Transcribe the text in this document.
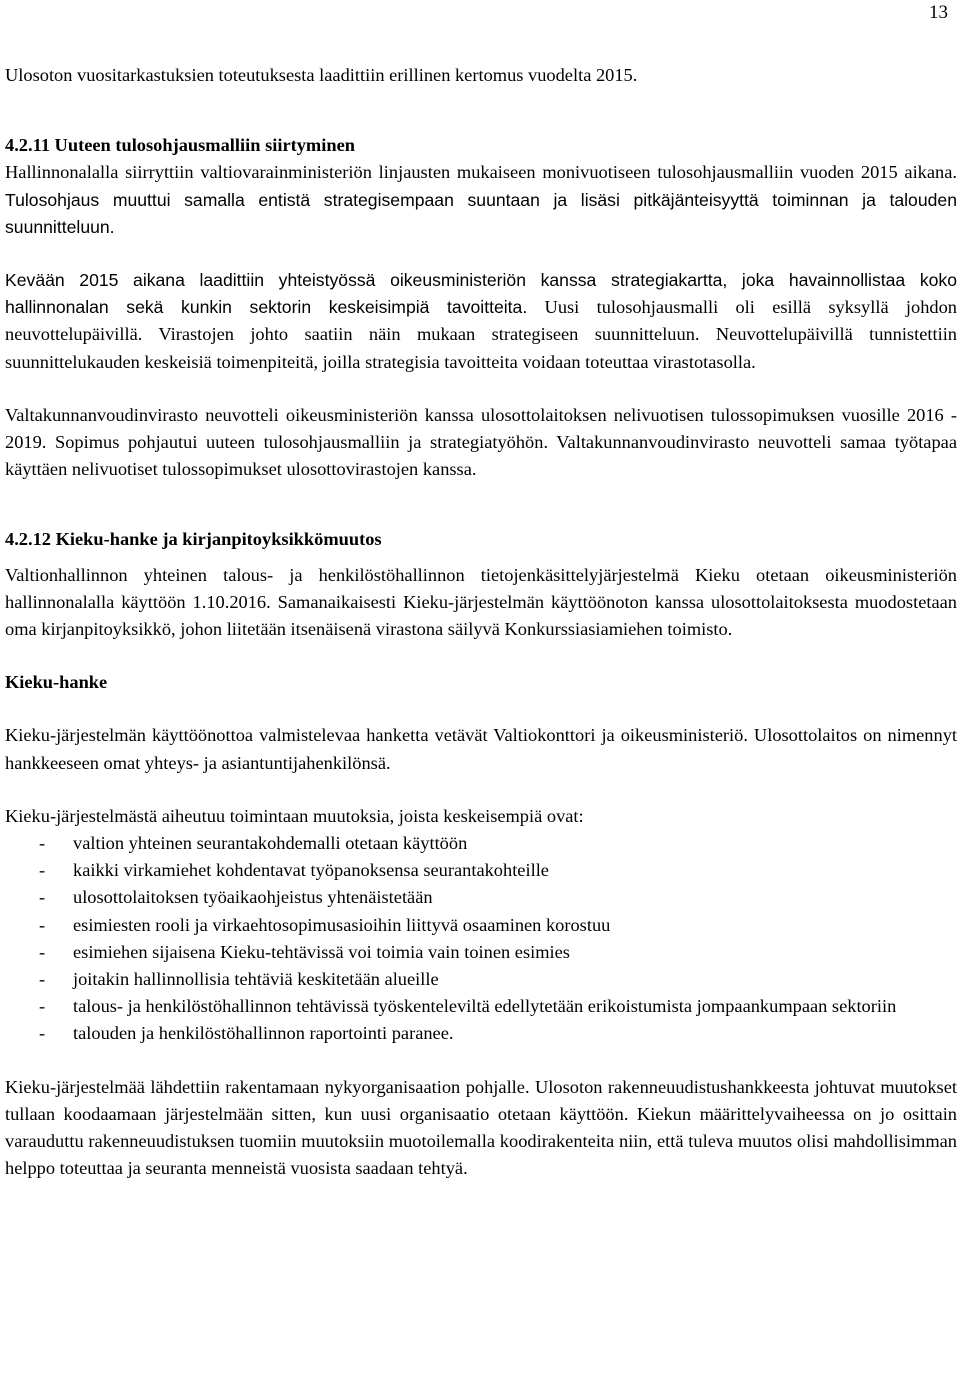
13

Ulosoton vuositarkastuksien toteutuksesta laadittiin erillinen kertomus vuodelta 2015.

4.2.11 Uuteen tulosohjausmalliin siirtyminen

Hallinnonalalla siirryttiin valtiovarainministeriön linjausten mukaiseen monivuotiseen tulosohjausmalliin vuoden 2015 aikana. Tulosohjaus muuttui samalla entistä strategisempaan suuntaan ja lisäsi pitkäjänteisyyttä toiminnan ja talouden suunnitteluun.

Kevään 2015 aikana laadittiin yhteistyössä oikeusministeriön kanssa strategiakartta, joka havainnollistaa koko hallinnonalan sekä kunkin sektorin keskeisimpiä tavoitteita. Uusi tulosohjausmalli oli esillä syksyllä johdon neuvottelupäivillä. Virastojen johto saatiin näin mukaan strategiseen suunnitteluun. Neuvottelupäivillä tunnistettiin suunnittelukauden keskeisiä toimenpiteitä, joilla strategisia tavoitteita voidaan toteuttaa virastotasolla.

Valtakunnanvoudinvirasto neuvotteli oikeusministeriön kanssa ulosottolaitoksen nelivuotisen tulossopimuksen vuosille 2016 - 2019. Sopimus pohjautui uuteen tulosohjausmalliin ja strategiatyöhön. Valtakunnanvoudinvirasto neuvotteli samaa työtapaa käyttäen nelivuotiset tulossopimukset ulosottovirastojen kanssa.

4.2.12 Kieku-hanke ja kirjanpitoyksikkömuutos

Valtionhallinnon yhteinen talous- ja henkilöstöhallinnon tietojenkäsittelyjärjestelmä Kieku otetaan oikeusministeriön hallinnonalalla käyttöön 1.10.2016. Samanaikaisesti Kieku-järjestelmän käyttöönoton kanssa ulosottolaitoksesta muodostetaan oma kirjanpitoyksikkö, johon liitetään itsenäisenä virastona säilyvä Konkurssiasiamiehen toimisto.

Kieku-hanke

Kieku-järjestelmän käyttöönottoa valmistelevaa hanketta vetävät Valtiokonttori ja oikeusministeriö. Ulosottolaitos on nimennyt hankkeeseen omat yhteys- ja asiantuntijahenkilönsä.

Kieku-järjestelmästä aiheutuu toimintaan muutoksia, joista keskeisempiä ovat:

- valtion yhteinen seurantakohdemalli otetaan käyttöön
- kaikki virkamiehet kohdentavat työpanoksensa seurantakohteille
- ulosottolaitoksen työaikaohjeistus yhtenäistetään
- esimiesten rooli ja virkaehtosopimusasioihin liittyvä osaaminen korostuu
- esimiehen sijaisena Kieku-tehtävissä voi toimia vain toinen esimies
- joitakin hallinnollisia tehtäviä keskitetään alueille
- talous- ja henkilöstöhallinnon tehtävissä työskenteleviltä edellytetään erikoistumista jompaankumpaan sektoriin
- talouden ja henkilöstöhallinnon raportointi paranee.

Kieku-järjestelmää lähdettiin rakentamaan nykyorganisaation pohjalle. Ulosoton rakenneuudistushankkeesta johtuvat muutokset tullaan koodaamaan järjestelmään sitten, kun uusi organisaatio otetaan käyttöön. Kiekun määrittelyvaiheessa on jo osittain varauduttu rakenneuudistuksen tuomiin muutoksiin muotoilemalla koodirakenteita niin, että tuleva muutos olisi mahdollisimman helppo toteuttaa ja seuranta menneistä vuosista saadaan tehtyä.
